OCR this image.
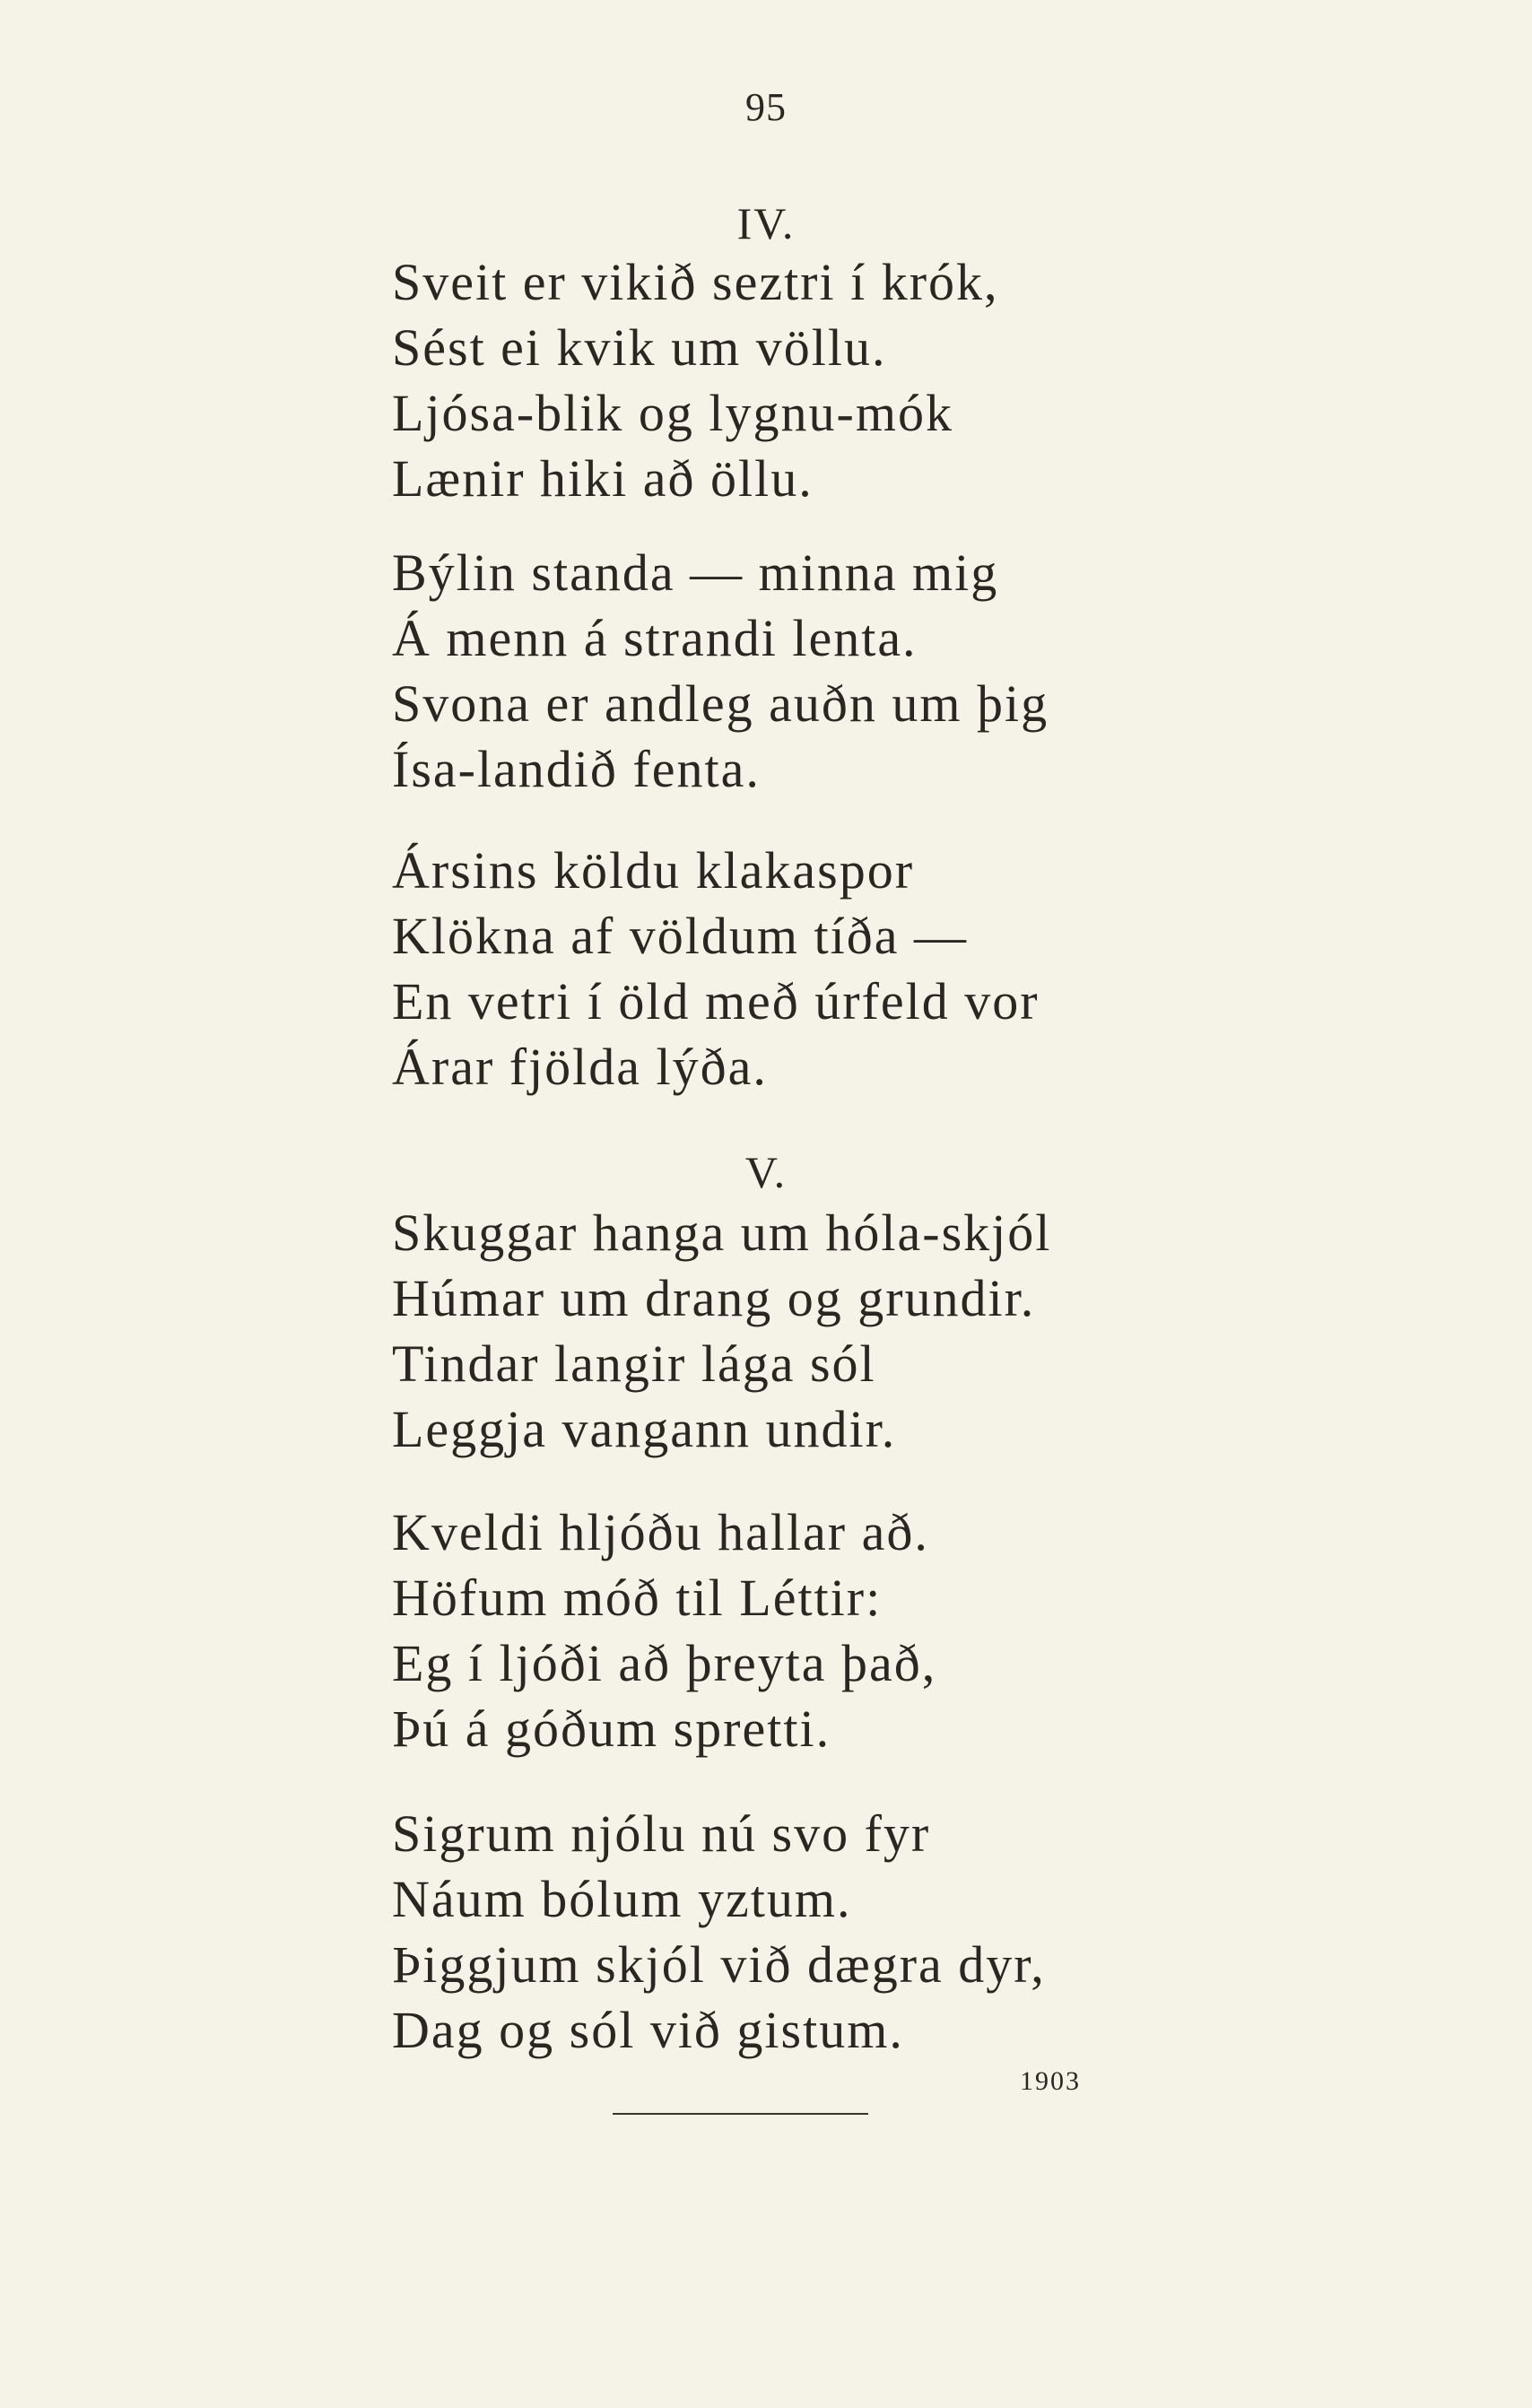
95
IV.
Sveit er vikið seztri í krók,
Sést ei kvik um völlu.
Ljósa-blik og lygnu-mók
Lænir hiki að öllu.
Býlin standa — minna mig
Á menn á strandi lenta.
Svona er andleg auðn um þig
Ísa-landið fenta.
Ársins köldu klakaspor
Klökna af völdum tíða —
En vetri í öld með úrfeld vor
Árar fjölda lýða.
V.
Skuggar hanga um hóla-skjól
Húmar um drang og grundir.
Tindar langir lága sól
Leggja vangann undir.
Kveldi hljóðu hallar að.
Höfum móð til Léttir:
Eg í ljóði að þreyta það,
Þú á góðum spretti.
Sigrum njólu nú svo fyr
Náum bólum yztum.
Þiggjum skjól við dægra dyr,
Dag og sól við gistum.
1903
